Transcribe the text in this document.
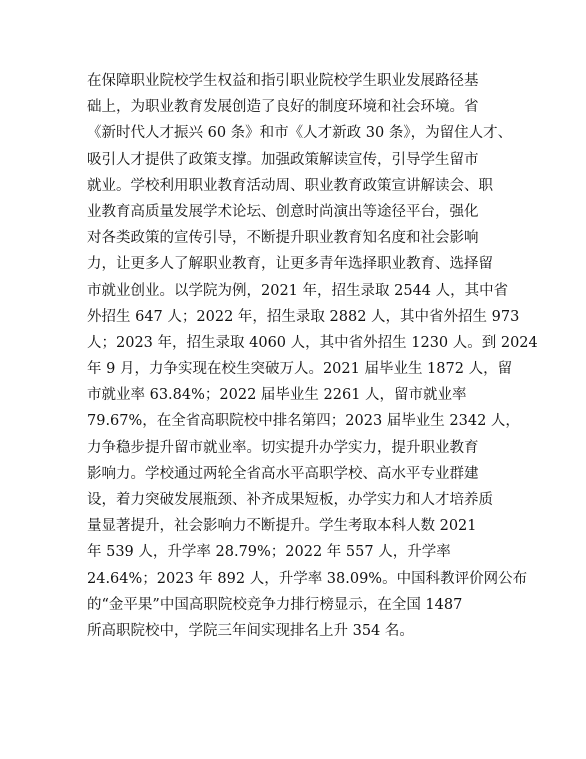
在保障职业院校学生权益和指引职业院校学生职业发展路径基
础上，为职业教育发展创造了良好的制度环境和社会环境。省
《新时代人才振兴 60 条》和市《人才新政 30 条》，为留住人才、
吸引人才提供了政策支撑。加强政策解读宣传，引导学生留市
就业。学校利用职业教育活动周、职业教育政策宣讲解读会、职
业教育高质量发展学术论坛、创意时尚演出等途径平台，强化
对各类政策的宣传引导，不断提升职业教育知名度和社会影响
力，让更多人了解职业教育，让更多青年选择职业教育、选择留
市就业创业。以学院为例，2021 年，招生录取 2544 人，其中省
外招生 647 人；2022 年，招生录取 2882 人，其中省外招生 973
人；2023 年，招生录取 4060 人，其中省外招生 1230 人。到 2024
年 9 月，力争实现在校生突破万人。2021 届毕业生 1872 人，留
市就业率 63.84%；2022 届毕业生 2261 人，留市就业率
79.67%，在全省高职院校中排名第四；2023 届毕业生 2342 人，
力争稳步提升留市就业率。切实提升办学实力，提升职业教育
影响力。学校通过两轮全省高水平高职学校、高水平专业群建
设，着力突破发展瓶颈、补齐成果短板，办学实力和人才培养质
量显著提升，社会影响力不断提升。学生考取本科人数 2021
年 539 人，升学率 28.79%；2022 年 557 人，升学率
24.64%；2023 年 892 人，升学率 38.09%。中国科教评价网公布
的“金平果”中国高职院校竞争力排行榜显示，在全国 1487
所高职院校中，学院三年间实现排名上升 354 名。
